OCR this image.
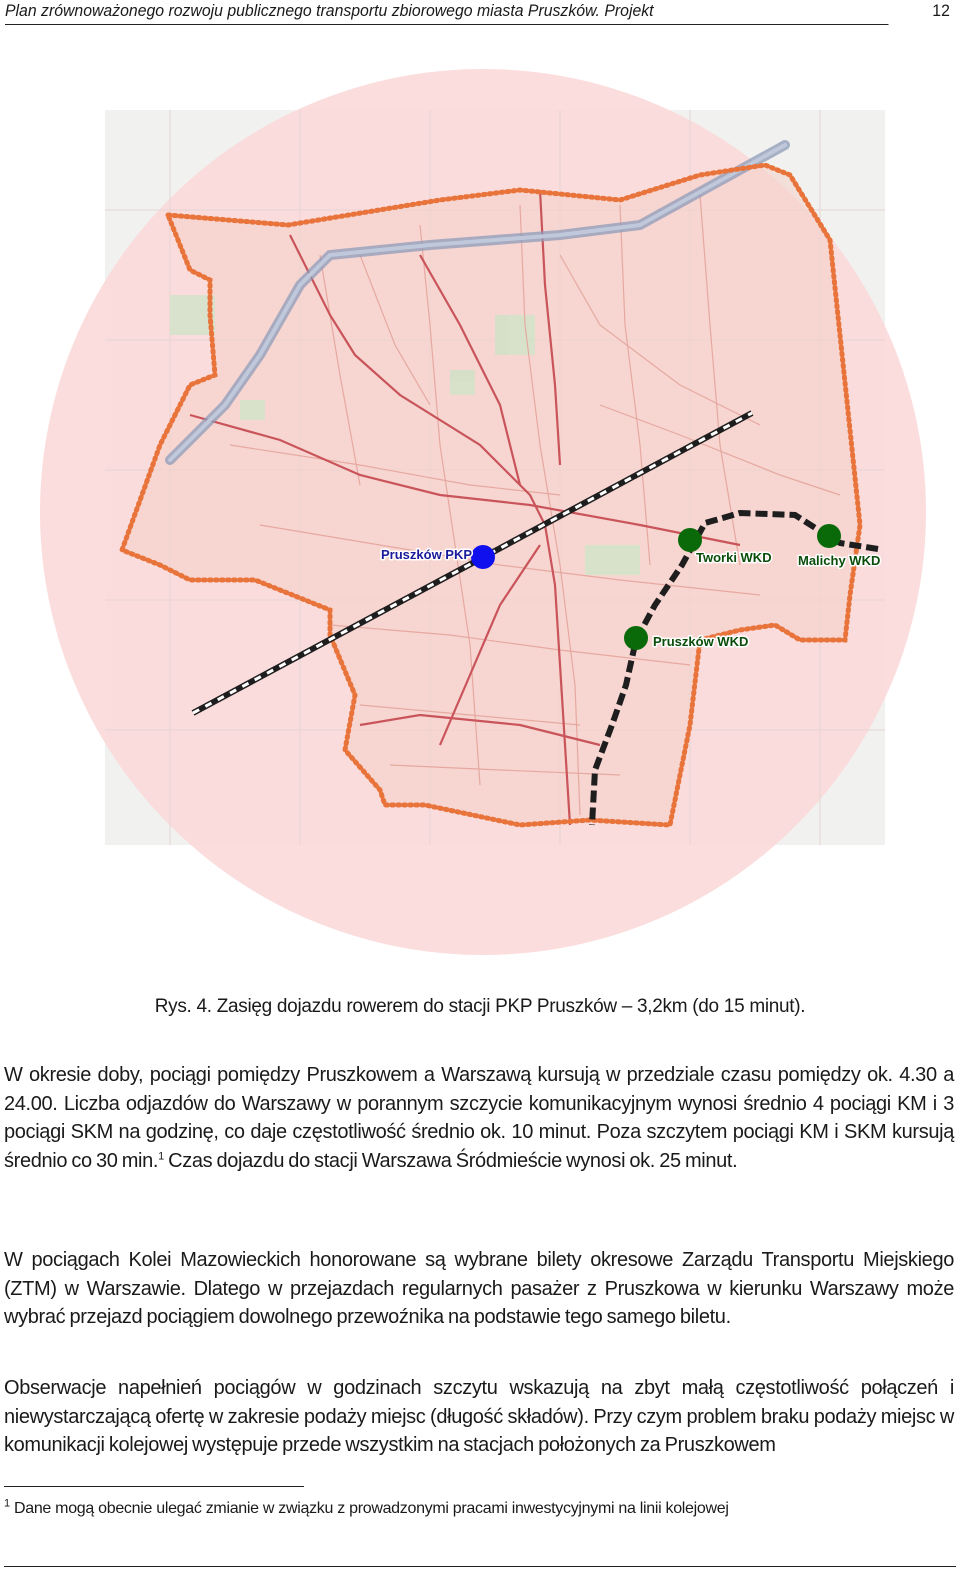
Plan zrównoważonego rozwoju publicznego transportu zbiorowego miasta Pruszków. Projekt	12
Pruszków PKP	Tworki WKD Malichy WKD
Pruszków WKD
Rys. 4. Zasięg dojazdu rowerem do stacji PKP Pruszków – 3,2km (do 15 minut).

W okresie doby, pociągi pomiędzy Pruszkowem a Warszawą kursują w przedziale czasu pomiędzy ok. 4.30 a 24.00. Liczba odjazdów do Warszawy w porannym szczycie komunikacyjnym wynosi średnio 4 pociągi KM i 3 pociągi SKM na godzinę, co daje częstotliwość średnio ok. 10 minut. Poza szczytem pociągi KM i SKM kursują średnio co 30 min.$^1$ Czas dojazdu do stacji Warszawa Śródmieście wynosi ok. 25 minut.

W pociągach Kolei Mazowieckich honorowane są wybrane bilety okresowe Zarządu Transportu Miejskiego (ZTM) w Warszawie. Dlatego w przejazdach regularnych pasażer z Pruszkowa w kierunku Warszawy może wybrać przejazd pociągiem dowolnego przewoźnika na podstawie tego samego biletu.

Obserwacje napełnień pociągów w godzinach szczytu wskazują na zbyt małą częstotliwość połączeń i niewystarczającą ofertę w zakresie podaży miejsc (długość składów). Przy czym problem braku podaży miejsc w komunikacji kolejowej występuje przede wszystkim na stacjach położonych za Pruszkowem

$^1$ Dane mogą obecnie ulegać zmianie w związku z prowadzonymi pracami inwestycyjnymi na linii kolejowej
